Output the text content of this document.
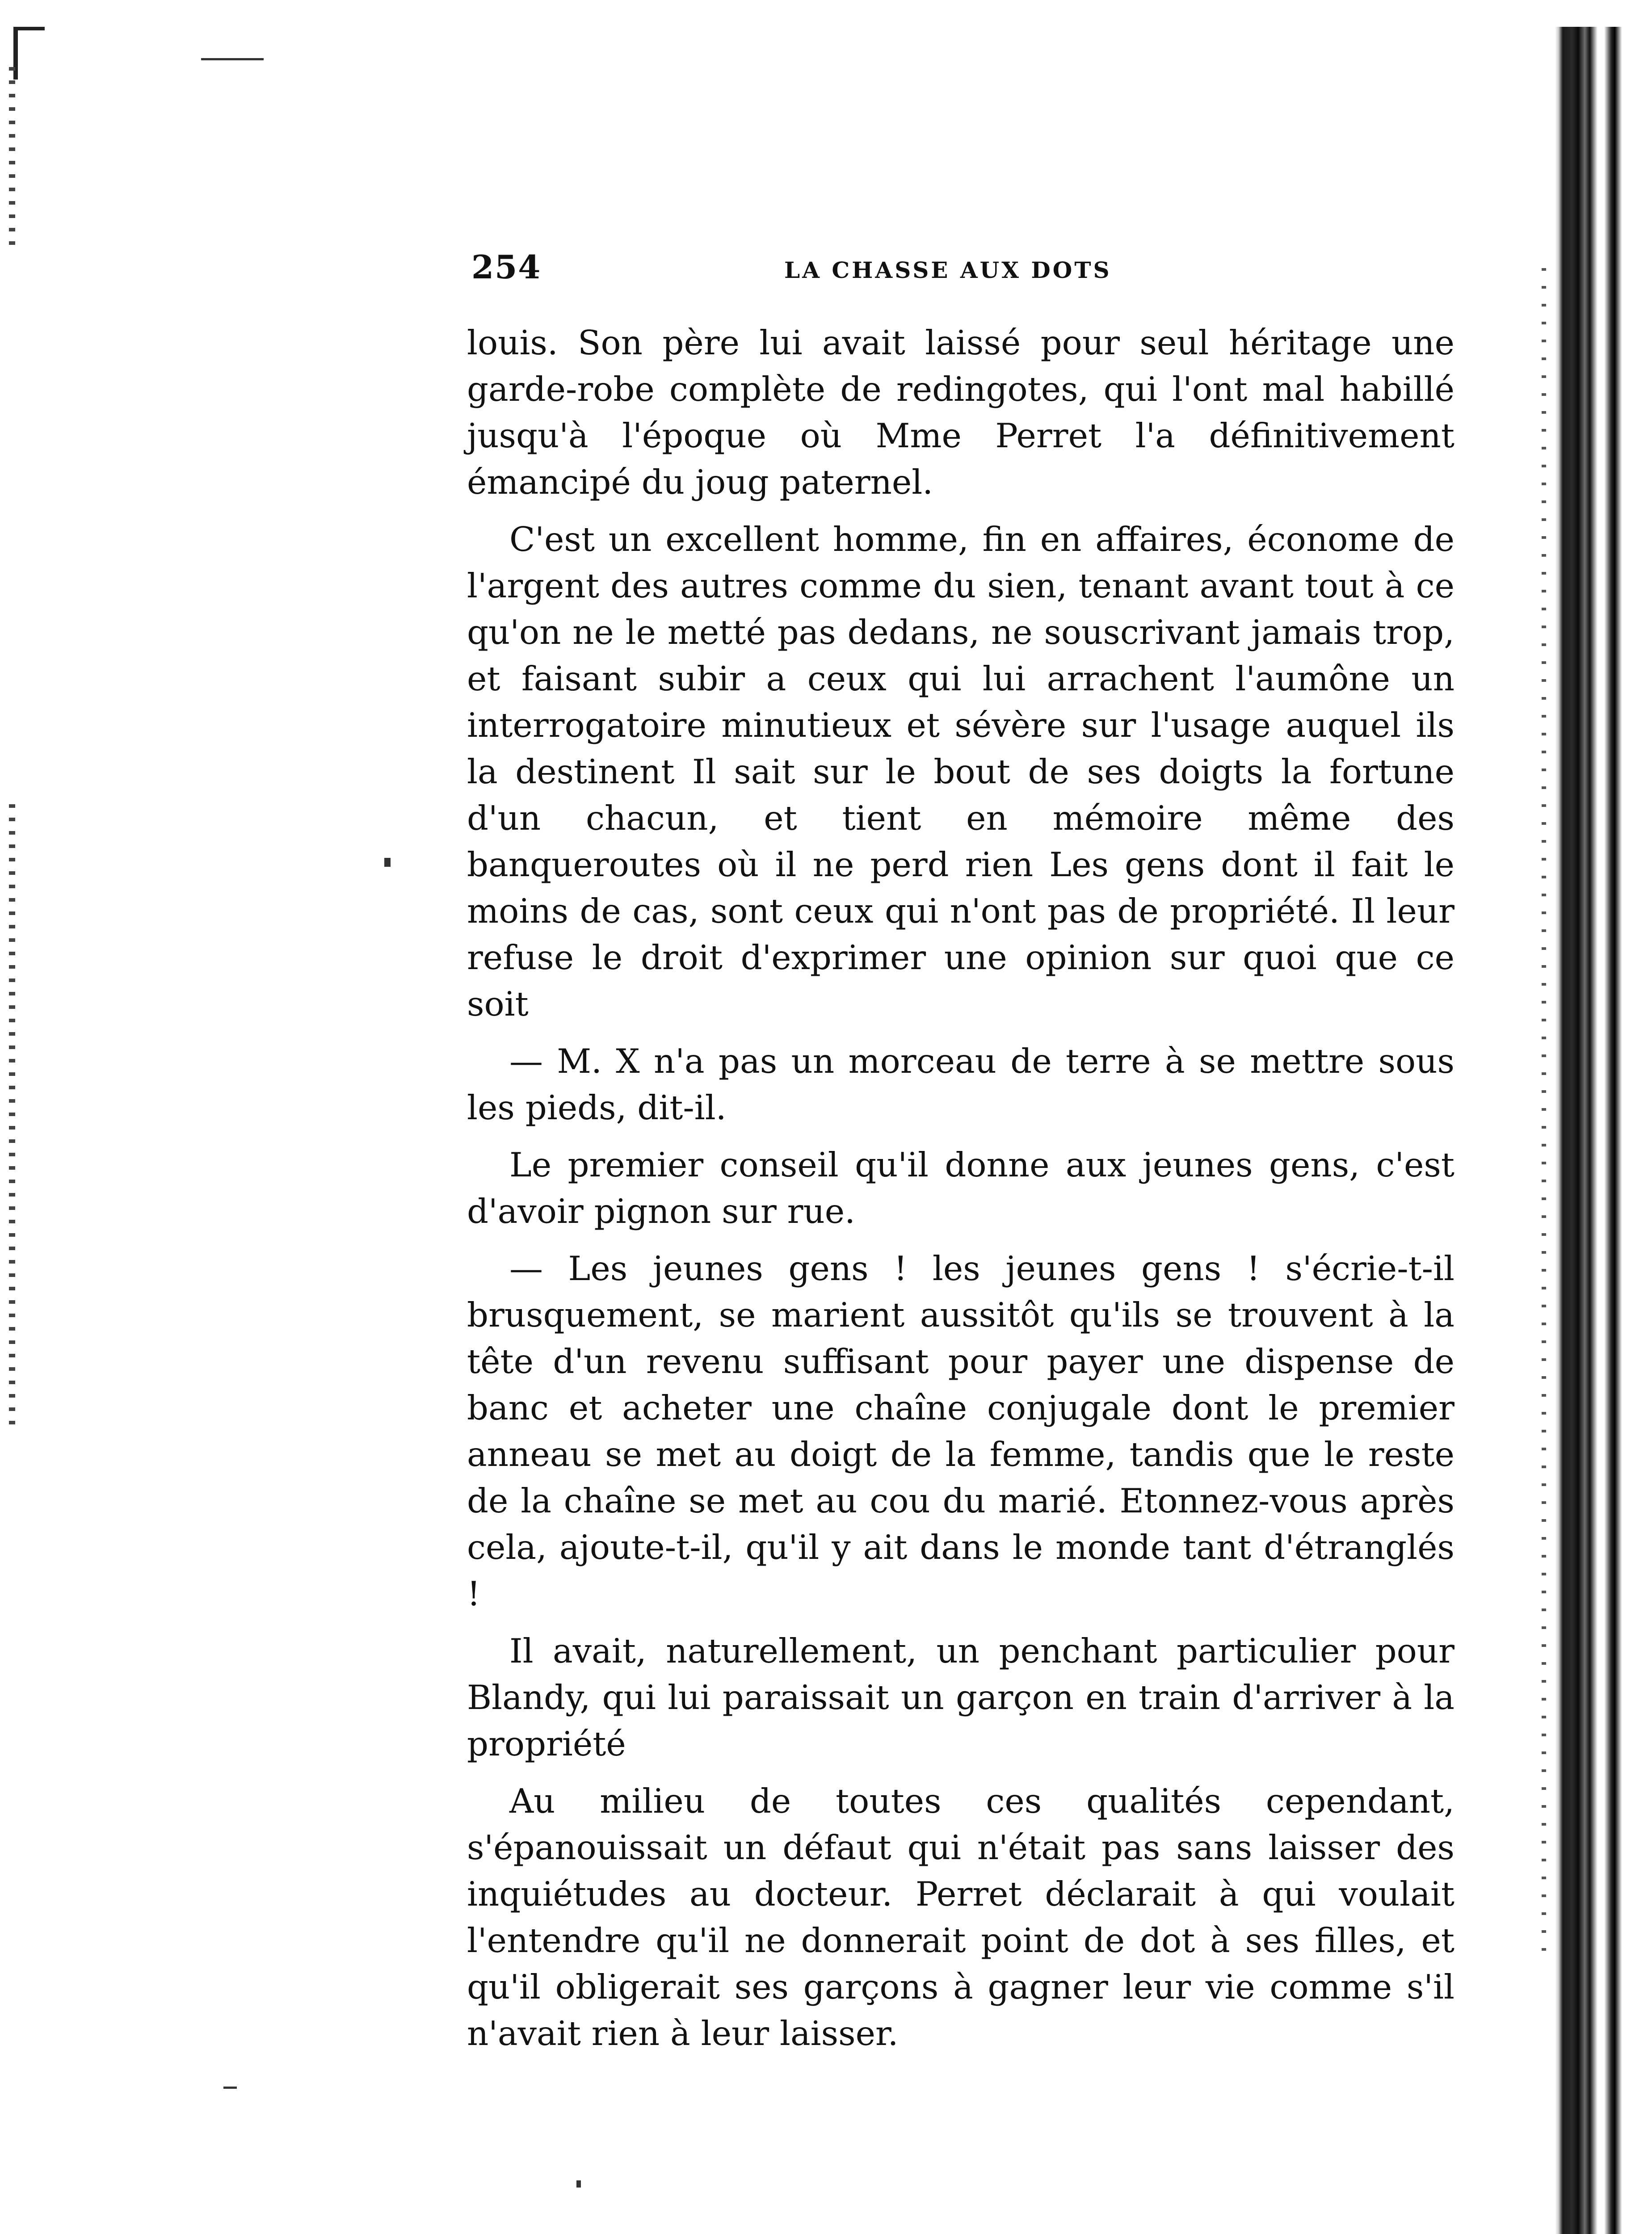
254	LA CHASSE AUX DOTS

louis. Son père lui avait laissé pour seul héritage une garde-robe complète de redingotes, qui l'ont mal habillé jusqu'à l'époque où Mme Perret l'a définitivement émancipé du joug paternel.

C'est un excellent homme, fin en affaires, économe de l'argent des autres comme du sien, tenant avant tout à ce qu'on ne le metté pas dedans, ne souscrivant jamais trop, et faisant subir a ceux qui lui arrachent l'aumône un interrogatoire minutieux et sévère sur l'usage auquel ils la destinent Il sait sur le bout de ses doigts la fortune d'un chacun, et tient en mémoire même des banqueroutes où il ne perd rien Les gens dont il fait le moins de cas, sont ceux qui n'ont pas de propriété. Il leur refuse le droit d'exprimer une opinion sur quoi que ce soit

— M. X n'a pas un morceau de terre à se mettre sous les pieds, dit-il.

Le premier conseil qu'il donne aux jeunes gens, c'est d'avoir pignon sur rue.

— Les jeunes gens ! les jeunes gens ! s'écrie-t-il brusquement, se marient aussitôt qu'ils se trouvent à la tête d'un revenu suffisant pour payer une dispense de banc et acheter une chaîne conjugale dont le premier anneau se met au doigt de la femme, tandis que le reste de la chaîne se met au cou du marié. Etonnez-vous après cela, ajoute-t-il, qu'il y ait dans le monde tant d'étranglés !

Il avait, naturellement, un penchant particulier pour Blandy, qui lui paraissait un garçon en train d'arriver à la propriété

Au milieu de toutes ces qualités cependant, s'épanouissait un défaut qui n'était pas sans laisser des inquiétudes au docteur. Perret déclarait à qui voulait l'entendre qu'il ne donnerait point de dot à ses filles, et qu'il obligerait ses garçons à gagner leur vie comme s'il n'avait rien à leur laisser.
